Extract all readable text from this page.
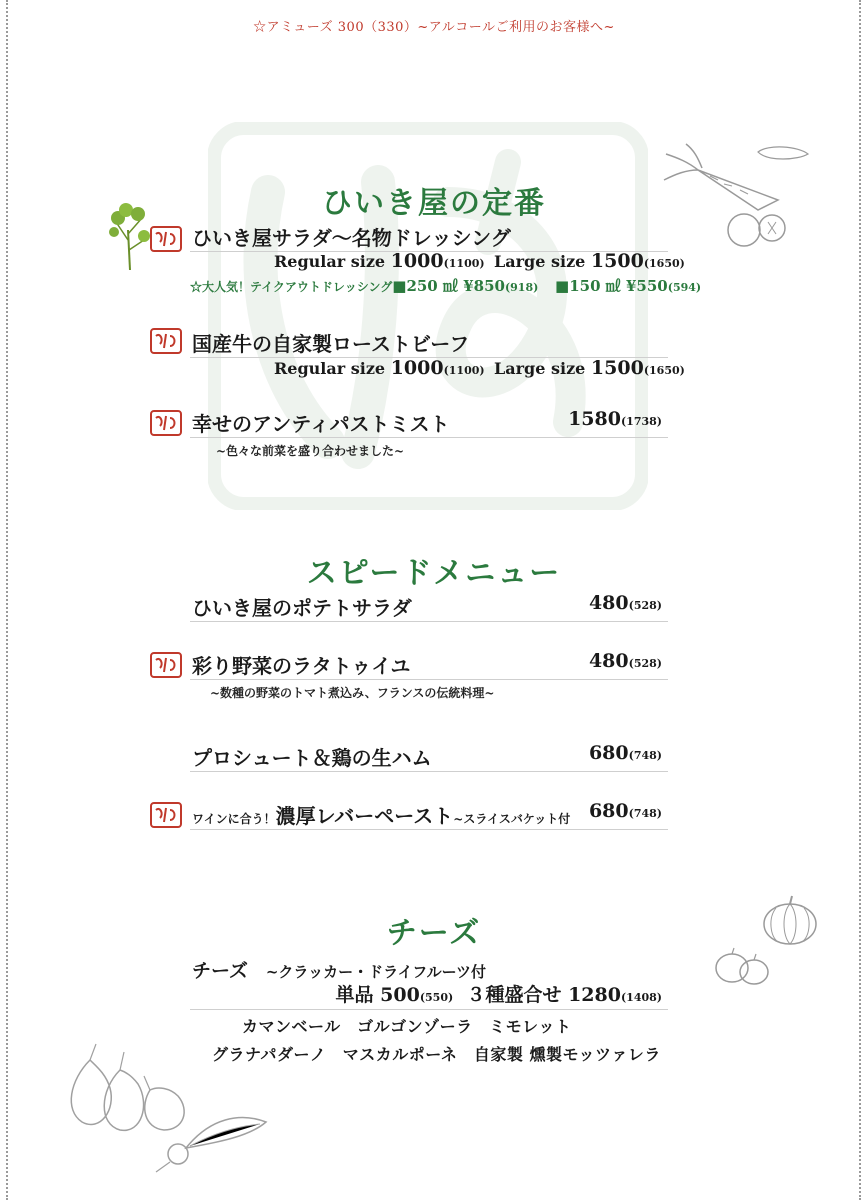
☆アミューズ 300（330）~アルコールご利用のお客様へ~
ひいき屋の定番
ひいき屋サラダ～名物ドレッシング
Regular size 1000(1100) Large size 1500(1650)
☆大人気！テイクアウトドレッシング■250 ㎖ ¥850(918) ■150 ㎖ ¥550(594)
国産牛の自家製ローストビーフ
Regular size 1000(1100) Large size 1500(1650)
幸せのアンティパストミスト	1580(1738)
~色々な前菜を盛り合わせました~
スピードメニュー
ひいき屋のポテトサラダ	480(528)
彩り野菜のラタトゥイユ	480(528)
~数種の野菜のトマト煮込み、フランスの伝統料理~
プロシュート＆鶏の生ハム	680(748)
ワインに合う！濃厚レバーペースト~スライスバケット付 680(748)
チーズ
チーズ ~クラッカー・ドライフルーツ付
単品 500(550) ３種盛合せ 1280(1408)
カマンベール　ゴルゴンゾーラ　ミモレット
グラナパダーノ　マスカルポーネ　自家製 燻製モッツァレラ
